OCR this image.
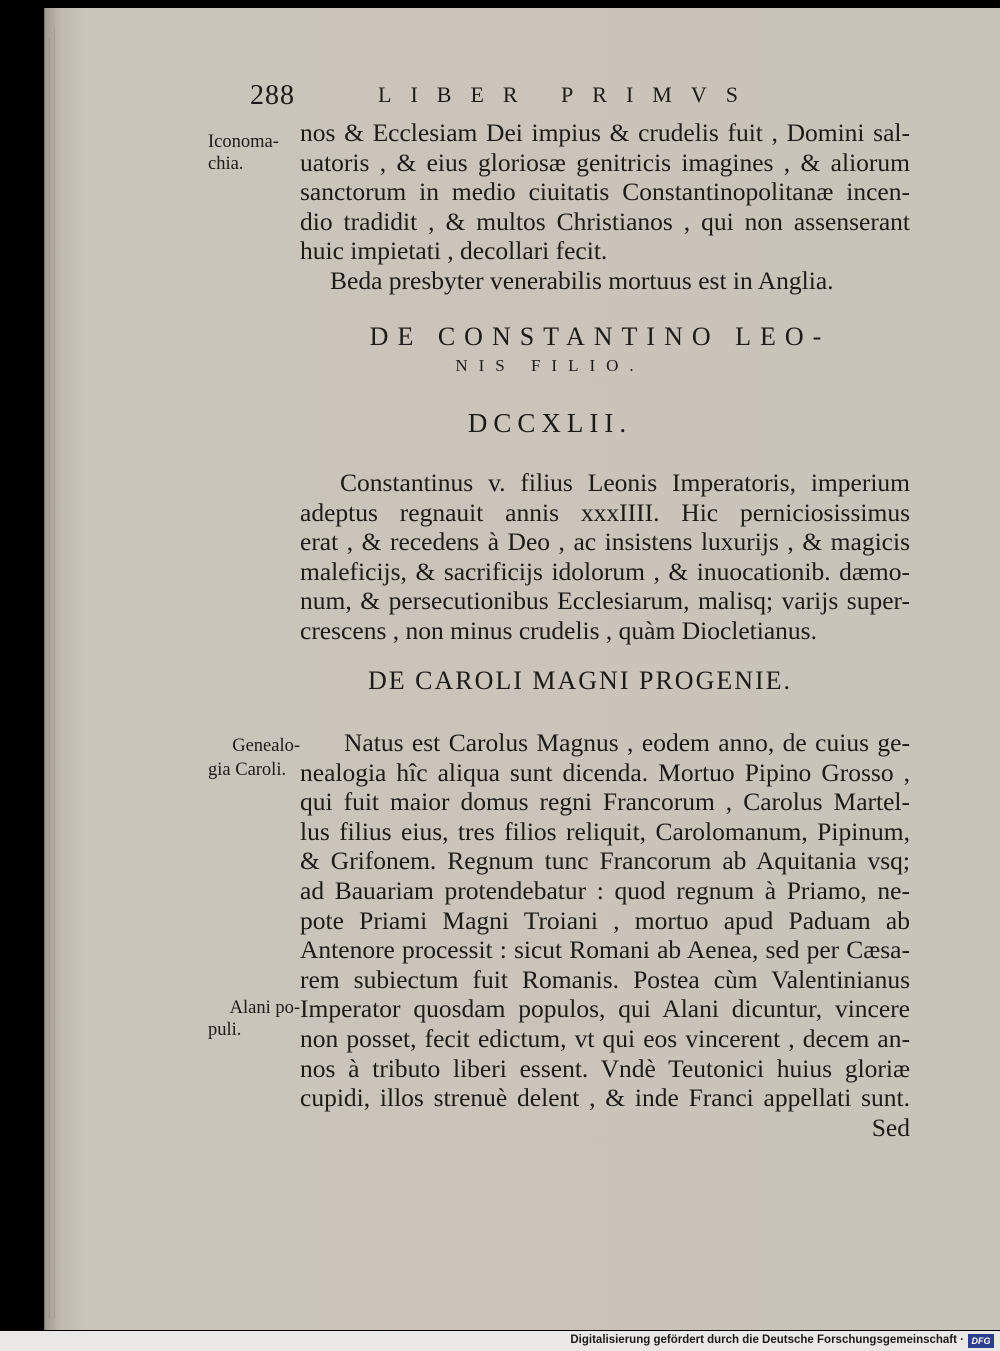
288	LIBER PRIMVS
Iconoma-
chia.
Genealo-
gia Caroli.
Alani po-
puli.
nos & Ecclesiam Dei impius & crudelis fuit , Domini sal-
uatoris , & eius gloriosæ genitricis imagines , & aliorum
sanctorum in medio ciuitatis Constantinopolitanæ incen-
dio tradidit , & multos Christianos , qui non assenserant
huic impietati , decollari fecit.
Beda presbyter venerabilis mortuus est in Anglia.
DE CONSTANTINO LEO-
NIS FILIO.
DCCXLII.
Constantinus v. filius Leonis Imperatoris, imperium
adeptus regnauit annis xxxIIII. Hic perniciosissimus
erat , & recedens à Deo , ac insistens luxurijs , & magicis
maleficijs, & sacrificijs idolorum , & inuocationib. dæmo-
num, & persecutionibus Ecclesiarum, malisq; varijs super-
crescens , non minus crudelis , quàm Diocletianus.
DE CAROLI MAGNI PROGENIE.
Natus est Carolus Magnus , eodem anno, de cuius ge-
nealogia hîc aliqua sunt dicenda. Mortuo Pipino Grosso ,
qui fuit maior domus regni Francorum , Carolus Martel-
lus filius eius, tres filios reliquit, Carolomanum, Pipinum,
& Grifonem. Regnum tunc Francorum ab Aquitania vsq;
ad Bauariam protendebatur : quod regnum à Priamo, ne-
pote Priami Magni Troiani , mortuo apud Paduam ab
Antenore processit : sicut Romani ab Aenea, sed per Cæsa-
rem subiectum fuit Romanis. Postea cùm Valentinianus
Imperator quosdam populos, qui Alani dicuntur, vincere
non posset, fecit edictum, vt qui eos vincerent , decem an-
nos à tributo liberi essent. Vndè Teutonici huius gloriæ
cupidi, illos strenuè delent , & inde Franci appellati sunt.
Sed
Digitalisierung gefördert durch die Deutsche Forschungsgemeinschaft · DFG
